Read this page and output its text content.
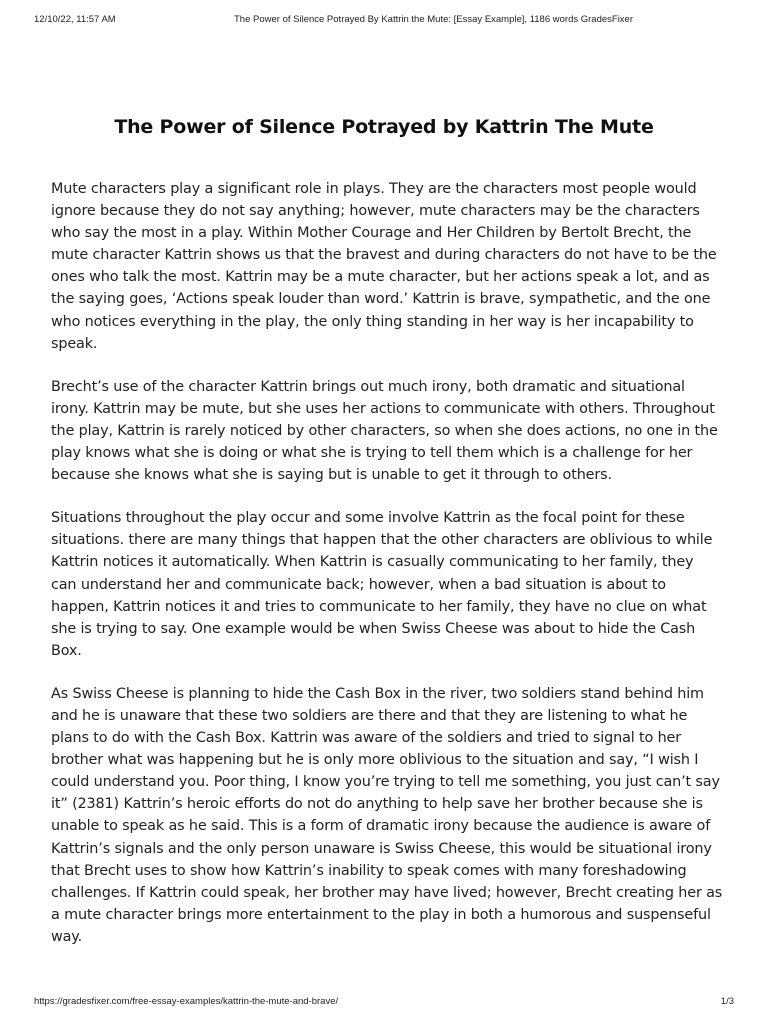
12/10/22, 11:57 AM	The Power of Silence Potrayed By Kattrin the Mute: [Essay Example], 1186 words GradesFixer
The Power of Silence Potrayed by Kattrin The Mute

Mute characters play a significant role in plays. They are the characters most people would ignore because they do not say anything; however, mute characters may be the characters who say the most in a play. Within Mother Courage and Her Children by Bertolt Brecht, the mute character Kattrin shows us that the bravest and during characters do not have to be the ones who talk the most. Kattrin may be a mute character, but her actions speak a lot, and as the saying goes, ‘Actions speak louder than word.’ Kattrin is brave, sympathetic, and the one who notices everything in the play, the only thing standing in her way is her incapability to speak.

Brecht’s use of the character Kattrin brings out much irony, both dramatic and situational irony. Kattrin may be mute, but she uses her actions to communicate with others. Throughout the play, Kattrin is rarely noticed by other characters, so when she does actions, no one in the play knows what she is doing or what she is trying to tell them which is a challenge for her because she knows what she is saying but is unable to get it through to others.

Situations throughout the play occur and some involve Kattrin as the focal point for these situations. there are many things that happen that the other characters are oblivious to while Kattrin notices it automatically. When Kattrin is casually communicating to her family, they can understand her and communicate back; however, when a bad situation is about to happen, Kattrin notices it and tries to communicate to her family, they have no clue on what she is trying to say. One example would be when Swiss Cheese was about to hide the Cash Box.

As Swiss Cheese is planning to hide the Cash Box in the river, two soldiers stand behind him and he is unaware that these two soldiers are there and that they are listening to what he plans to do with the Cash Box. Kattrin was aware of the soldiers and tried to signal to her brother what was happening but he is only more oblivious to the situation and say, “I wish I could understand you. Poor thing, I know you’re trying to tell me something, you just can’t say it” (2381) Kattrin’s heroic efforts do not do anything to help save her brother because she is unable to speak as he said. This is a form of dramatic irony because the audience is aware of Kattrin’s signals and the only person unaware is Swiss Cheese, this would be situational irony that Brecht uses to show how Kattrin’s inability to speak comes with many foreshadowing challenges. If Kattrin could speak, her brother may have lived; however, Brecht creating her as a mute character brings more entertainment to the play in both a humorous and suspenseful way.

https://gradesfixer.com/free-essay-examples/kattrin-the-mute-and-brave/	1/3
